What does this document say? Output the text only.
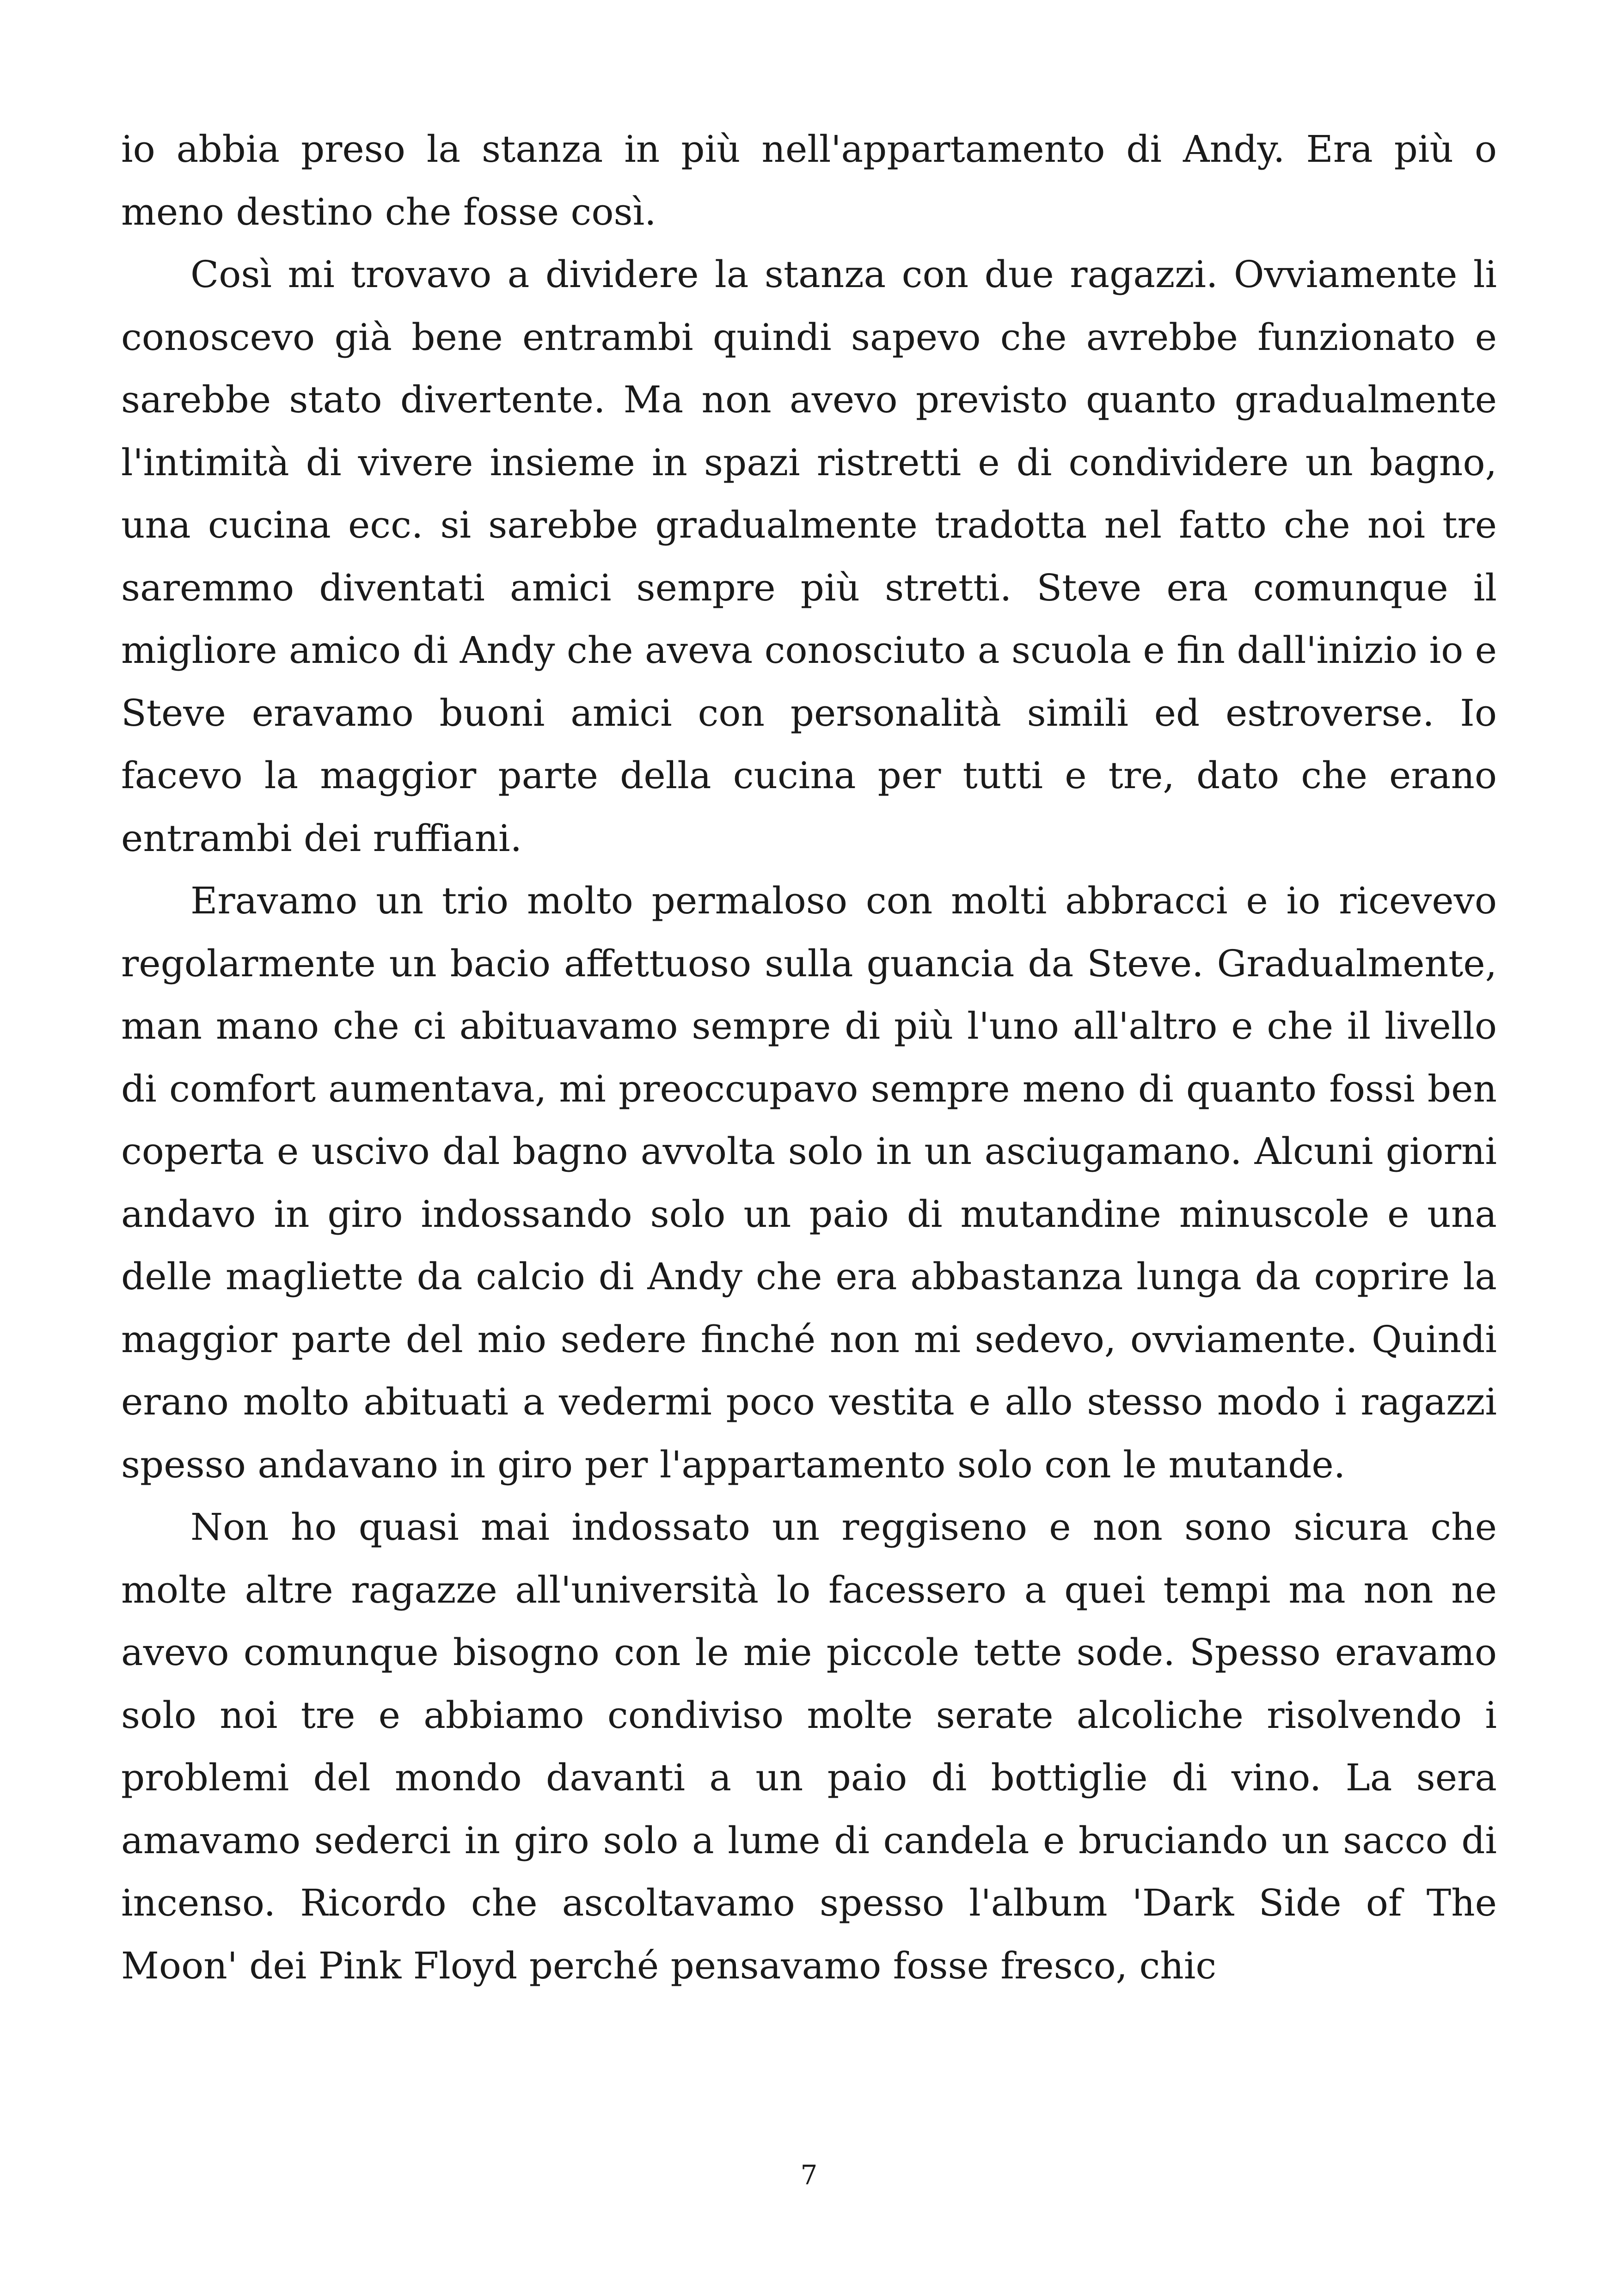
io abbia preso la stanza in più nell'appartamento di Andy. Era più o meno destino che fosse così.

Così mi trovavo a dividere la stanza con due ragazzi. Ovviamente li conoscevo già bene entrambi quindi sapevo che avrebbe funzionato e sarebbe stato divertente. Ma non avevo previsto quanto gradualmente l'intimità di vivere insieme in spazi ristretti e di condividere un bagno, una cucina ecc. si sarebbe gradualmente tradotta nel fatto che noi tre saremmo diventati amici sempre più stretti. Steve era comunque il migliore amico di Andy che aveva conosciuto a scuola e fin dall'inizio io e Steve eravamo buoni amici con personalità simili ed estroverse. Io facevo la maggior parte della cucina per tutti e tre, dato che erano entrambi dei ruffiani.

Eravamo un trio molto permaloso con molti abbracci e io ricevevo regolarmente un bacio affettuoso sulla guancia da Steve. Gradualmente, man mano che ci abituavamo sempre di più l'uno all'altro e che il livello di comfort aumentava, mi preoccupavo sempre meno di quanto fossi ben coperta e uscivo dal bagno avvolta solo in un asciugamano. Alcuni giorni andavo in giro indossando solo un paio di mutandine minuscole e una delle magliette da calcio di Andy che era abbastanza lunga da coprire la maggior parte del mio sedere finché non mi sedevo, ovviamente. Quindi erano molto abituati a vedermi poco vestita e allo stesso modo i ragazzi spesso andavano in giro per l'appartamento solo con le mutande.

Non ho quasi mai indossato un reggiseno e non sono sicura che molte altre ragazze all'università lo facessero a quei tempi ma non ne avevo comunque bisogno con le mie piccole tette sode. Spesso eravamo solo noi tre e abbiamo condiviso molte serate alcoliche risolvendo i problemi del mondo davanti a un paio di bottiglie di vino. La sera amavamo sederci in giro solo a lume di candela e bruciando un sacco di incenso. Ricordo che ascoltavamo spesso l'album 'Dark Side of The Moon' dei Pink Floyd perché pensavamo fosse fresco, chic

7
